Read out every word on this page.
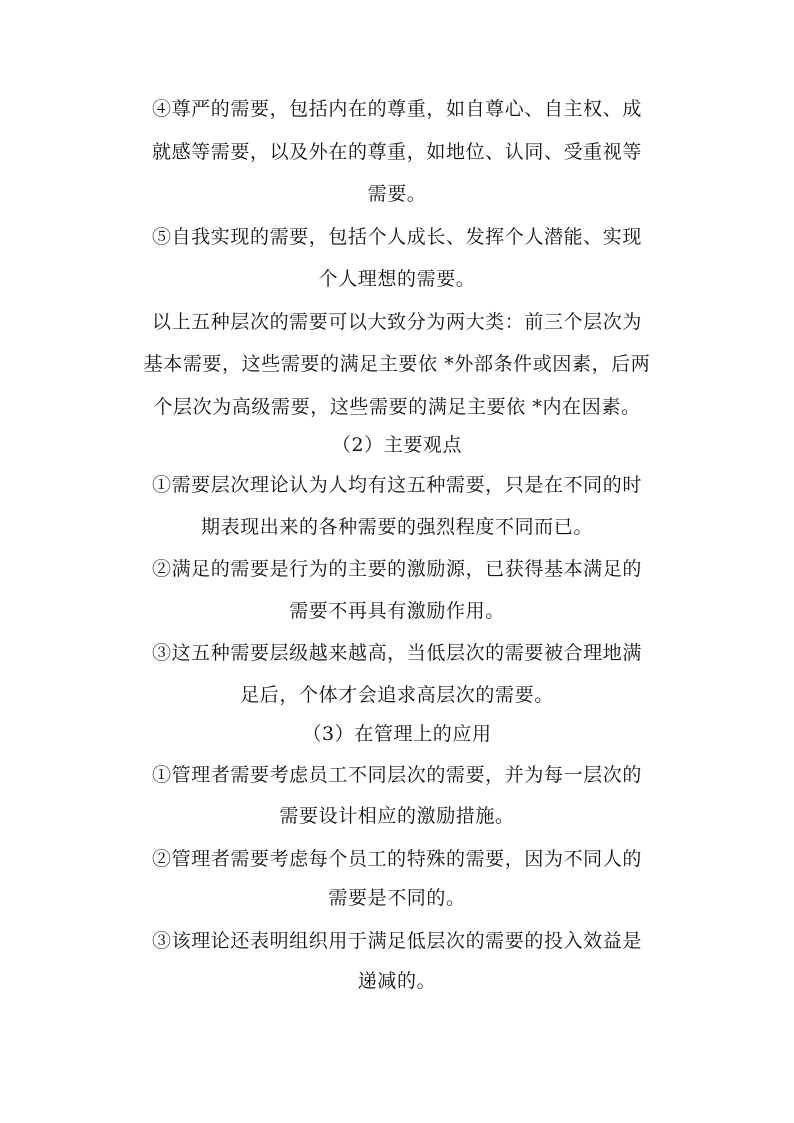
④尊严的需要，包括内在的尊重，如自尊心、自主权、成
就感等需要，以及外在的尊重，如地位、认同、受重视等
需要。
⑤自我实现的需要，包括个人成长、发挥个人潜能、实现
个人理想的需要。
以上五种层次的需要可以大致分为两大类：前三个层次为
基本需要，这些需要的满足主要依 *外部条件或因素，后两
个层次为高级需要，这些需要的满足主要依 *内在因素。
（2）主要观点
①需要层次理论认为人均有这五种需要，只是在不同的时
期表现出来的各种需要的强烈程度不同而已。
②满足的需要是行为的主要的激励源，已获得基本满足的
需要不再具有激励作用。
③这五种需要层级越来越高，当低层次的需要被合理地满
足后，个体才会追求高层次的需要。
（3）在管理上的应用
①管理者需要考虑员工不同层次的需要，并为每一层次的
需要设计相应的激励措施。
②管理者需要考虑每个员工的特殊的需要，因为不同人的
需要是不同的。
③该理论还表明组织用于满足低层次的需要的投入效益是
递减的。
